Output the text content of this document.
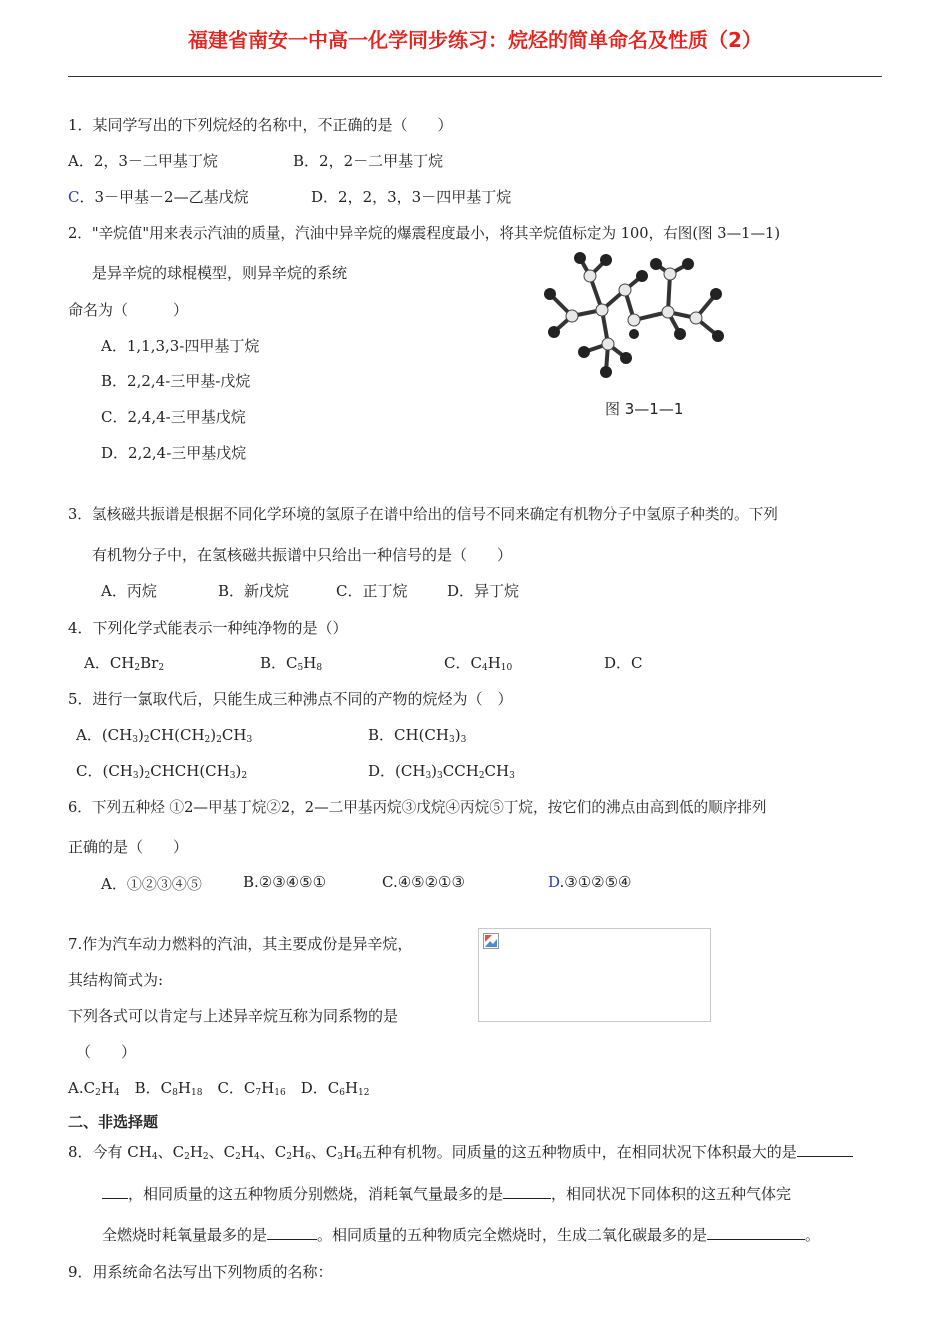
福建省南安一中高一化学同步练习：烷烃的简单命名及性质（2）
1．某同学写出的下列烷烃的名称中，不正确的是（　　）
A．2，3－二甲基丁烷	B．2，2－二甲基丁烷
C．3－甲基－2—乙基戊烷	D．2，2，3，3－四甲基丁烷
2．"辛烷值"用来表示汽油的质量，汽油中异辛烷的爆震程度最小，将其辛烷值标定为 100，右图(图 3—1—1)
是异辛烷的球棍模型，则异辛烷的系统
命名为（　　　）
A．1,1,3,3-四甲基丁烷
B．2,2,4-三甲基-戊烷
C．2,4,4-三甲基戊烷
D．2,2,4-三甲基戊烷
图 3—1—1
3．氢核磁共振谱是根据不同化学环境的氢原子在谱中给出的信号不同来确定有机物分子中氢原子种类的。下列
有机物分子中，在氢核磁共振谱中只给出一种信号的是（　　）
A．丙烷	B．新戊烷	C．正丁烷	D．异丁烷
4．下列化学式能表示一种纯净物的是（）
A．$CH_2Br_2$	B．$C_5H_8$	C．$C_4H_{10}$	D．C
5．进行一氯取代后，只能生成三种沸点不同的产物的烷烃为（　）
A．$(CH_3)_2CH(CH_2)_2CH_3$	B．$CH(CH_3)_3$
C．$(CH_3)_2CHCH(CH_3)_2$	D．$(CH_3)_3CCH_2CH_3$
6．下列五种烃 ①2—甲基丁烷②2，2—二甲基丙烷③戊烷④丙烷⑤丁烷，按它们的沸点由高到低的顺序排列
正确的是（　　）
A．①②③④⑤	B.②③④⑤①	C.④⑤②①③	D.③①②⑤④
7.作为汽车动力燃料的汽油，其主要成份是异辛烷，
其结构简式为:
下列各式可以肯定与上述异辛烷互称为同系物的是
（　　）
$A.C_2H_4$　B．$C_8H_{18}$　C．$C_7H_{16}$　D．$C_6H_{12}$
二、非选择题
8．今有 $CH_4$、$C_2H_2$、$C_2H_4$、$C_2H_6$、$C_3H_6$五种有机物。同质量的这五种物质中，在相同状况下体积最大的是
，相同质量的这五种物质分别燃烧，消耗氧气量最多的是	，相同状况下同体积的这五种气体完
全燃烧时耗氧量最多的是	。相同质量的五种物质完全燃烧时，生成二氧化碳最多的是	。
9．用系统命名法写出下列物质的名称：
